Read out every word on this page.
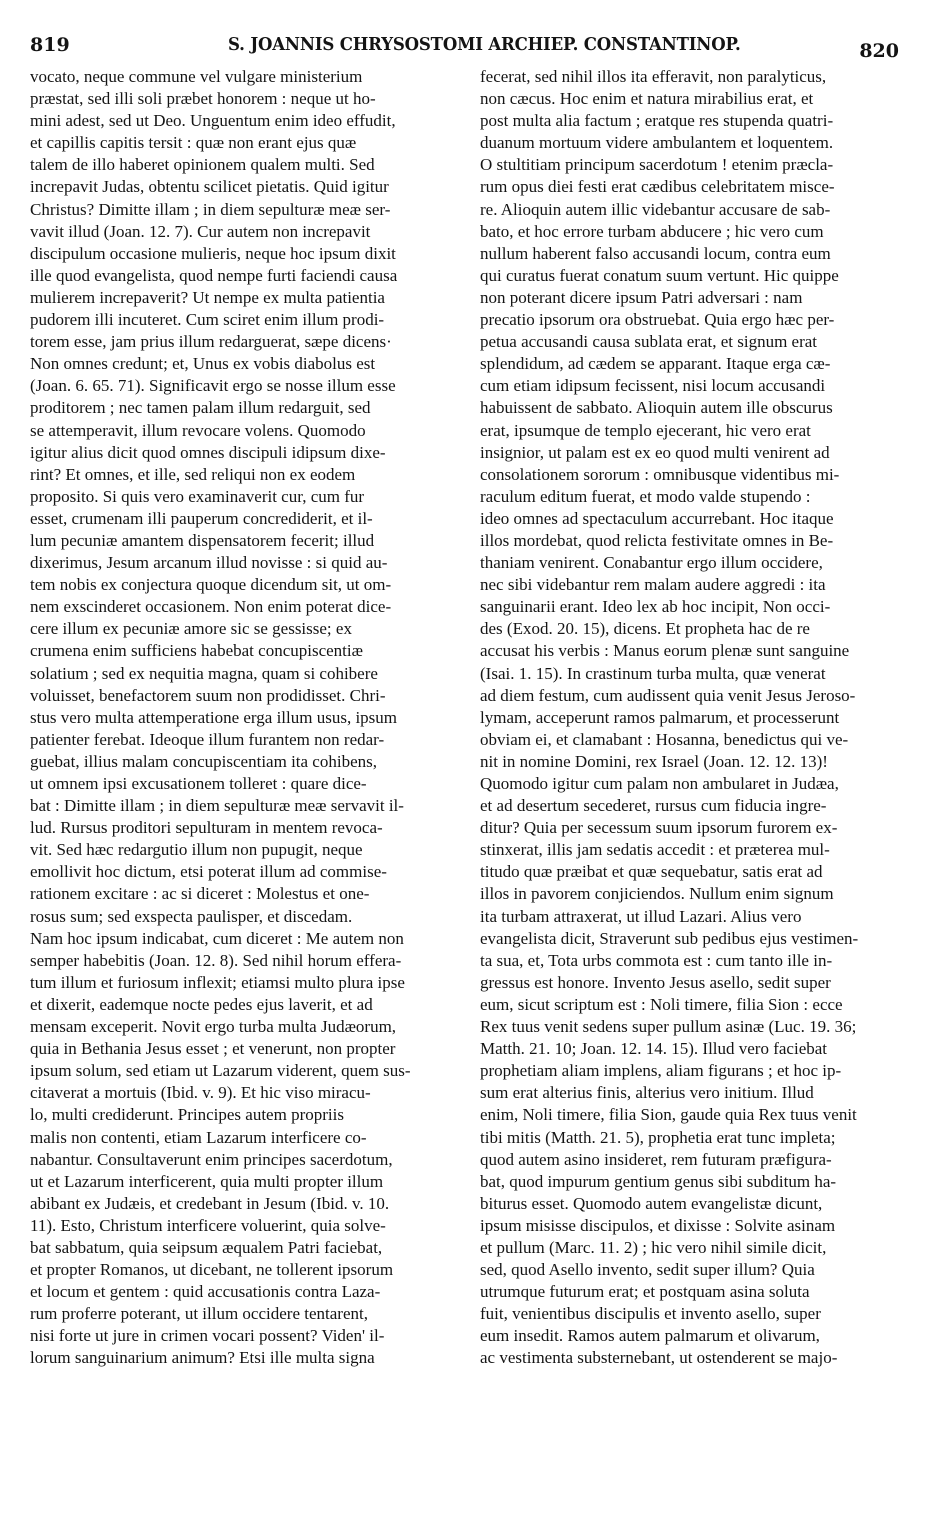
819	S. JOANNIS CHRYSOSTOMI ARCHIEP. CONSTANTINOP.	820
vocato, neque commune vel vulgare ministerium
præstat, sed illi soli præbet honorem : neque ut ho-
mini adest, sed ut Deo. Unguentum enim ideo effudit,
et capillis capitis tersit : quæ non erant ejus quæ
talem de illo haberet opinionem qualem multi. Sed
increpavit Judas, obtentu scilicet pietatis. Quid igitur
Christus? Dimitte illam ; in diem sepulturæ meæ ser-
vavit illud (Joan. 12. 7). Cur autem non increpavit
discipulum occasione mulieris, neque hoc ipsum dixit
ille quod evangelista, quod nempe furti faciendi causa
mulierem increpaverit? Ut nempe ex multa patientia
pudorem illi incuteret. Cum sciret enim illum prodi-
torem esse, jam prius illum redarguerat, sæpe dicens·
Non omnes credunt; et, Unus ex vobis diabolus est
(Joan. 6. 65. 71). Significavit ergo se nosse illum esse
proditorem ; nec tamen palam illum redarguit, sed
se attemperavit, illum revocare volens. Quomodo
igitur alius dicit quod omnes discipuli idipsum dixe-
rint? Et omnes, et ille, sed reliqui non ex eodem
proposito. Si quis vero examinaverit cur, cum fur
esset, crumenam illi pauperum concrediderit, et il-
lum pecuniæ amantem dispensatorem fecerit; illud
dixerimus, Jesum arcanum illud novisse : si quid au-
tem nobis ex conjectura quoque dicendum sit, ut om-
nem exscinderet occasionem. Non enim poterat dice-
cere illum ex pecuniæ amore sic se gessisse; ex
crumena enim sufficiens habebat concupiscentiæ
solatium ; sed ex nequitia magna, quam si cohibere
voluisset, benefactorem suum non prodidisset. Chri-
stus vero multa attemperatione erga illum usus, ipsum
patienter ferebat. Ideoque illum furantem non redar-
guebat, illius malam concupiscentiam ita cohibens,
ut omnem ipsi excusationem tolleret : quare dice-
bat : Dimitte illam ; in diem sepulturæ meæ servavit il-
lud. Rursus proditori sepulturam in mentem revoca-
vit. Sed hæc redargutio illum non pupugit, neque
emollivit hoc dictum, etsi poterat illum ad commise-
rationem excitare : ac si diceret : Molestus et one-
rosus sum; sed exspecta paulisper, et discedam.
Nam hoc ipsum indicabat, cum diceret : Me autem non
semper habebitis (Joan. 12. 8). Sed nihil horum effera-
tum illum et furiosum inflexit; etiamsi multo plura ipse
et dixerit, eademque nocte pedes ejus laverit, et ad
mensam exceperit. Novit ergo turba multa Judæorum,
quia in Bethania Jesus esset ; et venerunt, non propter
ipsum solum, sed etiam ut Lazarum viderent, quem sus-
citaverat a mortuis (Ibid. v. 9). Et hic viso miracu-
lo, multi crediderunt. Principes autem propriis
malis non contenti, etiam Lazarum interficere co-
nabantur. Consultaverunt enim principes sacerdotum,
ut et Lazarum interficerent, quia multi propter illum
abibant ex Judæis, et credebant in Jesum (Ibid. v. 10.
11). Esto, Christum interficere voluerint, quia solve-
bat sabbatum, quia seipsum æqualem Patri faciebat,
et propter Romanos, ut dicebant, ne tollerent ipsorum
et locum et gentem : quid accusationis contra Laza-
rum proferre poterant, ut illum occidere tentarent,
nisi forte ut jure in crimen vocari possent? Viden' il-
lorum sanguinarium animum? Etsi ille multa signa
fecerat, sed nihil illos ita efferavit, non paralyticus,
non cæcus. Hoc enim et natura mirabilius erat, et
post multa alia factum ; eratque res stupenda quatri-
duanum mortuum videre ambulantem et loquentem.
O stultitiam principum sacerdotum ! etenim præcla-
rum opus diei festi erat cædibus celebritatem misce-
re. Alioquin autem illic videbantur accusare de sab-
bato, et hoc errore turbam abducere ; hic vero cum
nullum haberent falso accusandi locum, contra eum
qui curatus fuerat conatum suum vertunt. Hic quippe
non poterant dicere ipsum Patri adversari : nam
precatio ipsorum ora obstruebat. Quia ergo hæc per-
petua accusandi causa sublata erat, et signum erat
splendidum, ad cædem se apparant. Itaque erga cæ-
cum etiam idipsum fecissent, nisi locum accusandi
habuissent de sabbato. Alioquin autem ille obscurus
erat, ipsumque de templo ejecerant, hic vero erat
insignior, ut palam est ex eo quod multi venirent ad
consolationem sororum : omnibusque videntibus mi-
raculum editum fuerat, et modo valde stupendo :
ideo omnes ad spectaculum accurrebant. Hoc itaque
illos mordebat, quod relicta festivitate omnes in Be-
thaniam venirent. Conabantur ergo illum occidere,
nec sibi videbantur rem malam audere aggredi : ita
sanguinarii erant. Ideo lex ab hoc incipit, Non occi-
des (Exod. 20. 15), dicens. Et propheta hac de re
accusat his verbis : Manus eorum plenæ sunt sanguine
(Isai. 1. 15). In crastinum turba multa, quæ venerat
ad diem festum, cum audissent quia venit Jesus Jeroso-
lymam, acceperunt ramos palmarum, et processerunt
obviam ei, et clamabant : Hosanna, benedictus qui ve-
nit in nomine Domini, rex Israel (Joan. 12. 12. 13)!
Quomodo igitur cum palam non ambularet in Judæa,
et ad desertum secederet, rursus cum fiducia ingre-
ditur? Quia per secessum suum ipsorum furorem ex-
stinxerat, illis jam sedatis accedit : et præterea mul-
titudo quæ præibat et quæ sequebatur, satis erat ad
illos in pavorem conjiciendos. Nullum enim signum
ita turbam attraxerat, ut illud Lazari. Alius vero
evangelista dicit, Straverunt sub pedibus ejus vestimen-
ta sua, et, Tota urbs commota est : cum tanto ille in-
gressus est honore. Invento Jesus asello, sedit super
eum, sicut scriptum est : Noli timere, filia Sion : ecce
Rex tuus venit sedens super pullum asinæ (Luc. 19. 36;
Matth. 21. 10; Joan. 12. 14. 15). Illud vero faciebat
prophetiam aliam implens, aliam figurans ; et hoc ip-
sum erat alterius finis, alterius vero initium. Illud
enim, Noli timere, filia Sion, gaude quia Rex tuus venit
tibi mitis (Matth. 21. 5), prophetia erat tunc impleta;
quod autem asino insideret, rem futuram præfigura-
bat, quod impurum gentium genus sibi subditum ha-
biturus esset. Quomodo autem evangelistæ dicunt,
ipsum misisse discipulos, et dixisse : Solvite asinam
et pullum (Marc. 11. 2) ; hic vero nihil simile dicit,
sed, quod Asello invento, sedit super illum? Quia
utrumque futurum erat; et postquam asina soluta
fuit, venientibus discipulis et invento asello, super
eum insedit. Ramos autem palmarum et olivarum,
ac vestimenta substernebant, ut ostenderent se majo-
